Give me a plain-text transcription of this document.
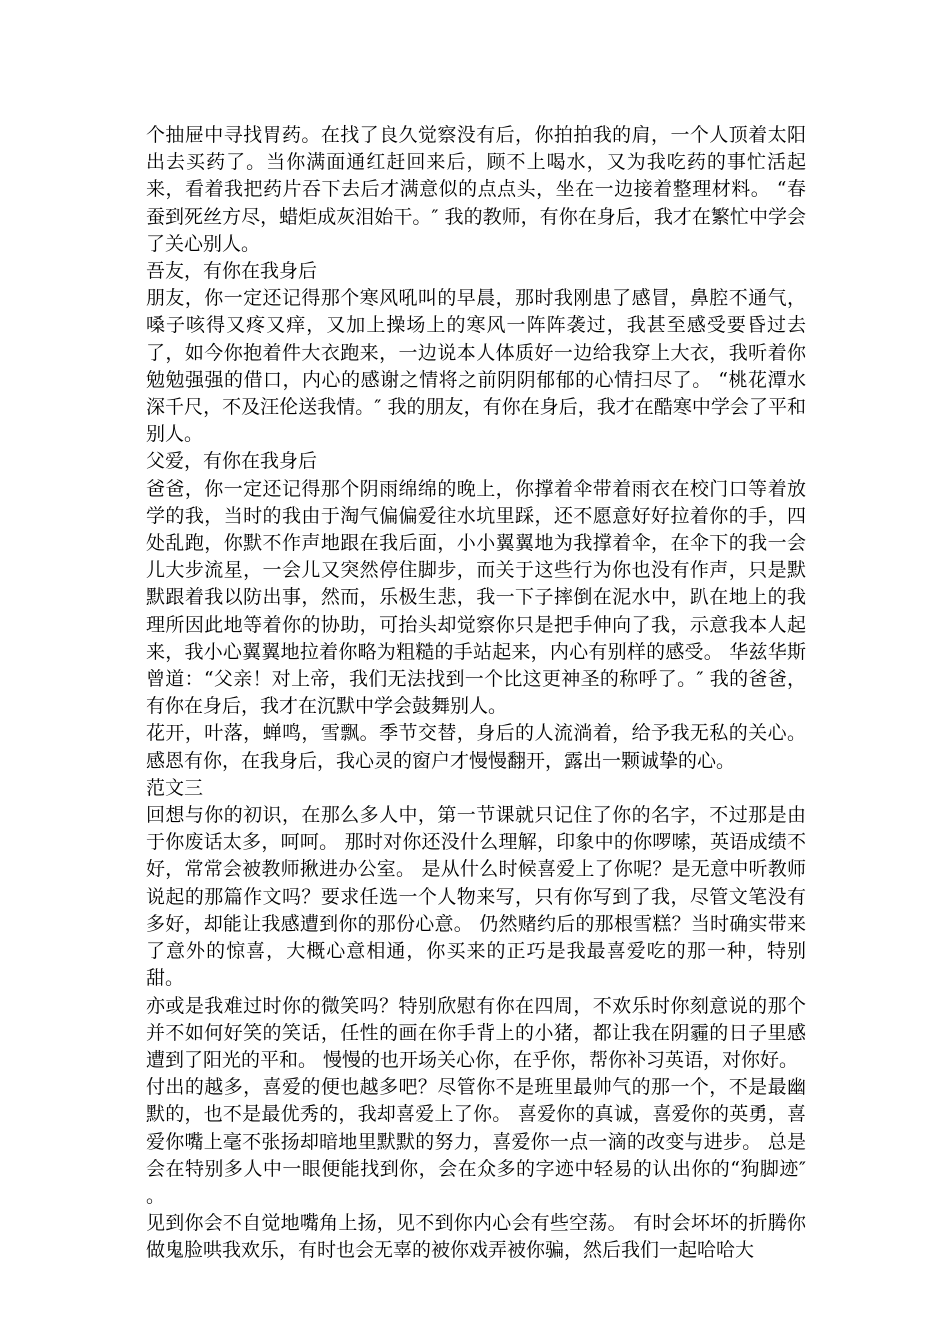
个抽屉中寻找胃药。在找了良久觉察没有后，你拍拍我的肩，一个人顶着太阳出去买药了。当你满面通红赶回来后，顾不上喝水，又为我吃药的事忙活起来，看着我把药片吞下去后才满意似的点点头，坐在一边接着整理材料。 “春蚕到死丝方尽，蜡炬成灰泪始干。″ 我的教师，有你在身后，我才在繁忙中学会了关心别人。

吾友，有你在我身后

朋友，你一定还记得那个寒风吼叫的早晨，那时我刚患了感冒，鼻腔不通气，嗓子咳得又疼又痒，又加上操场上的寒风一阵阵袭过，我甚至感受要昏过去了，如今你抱着件大衣跑来，一边说本人体质好一边给我穿上大衣，我听着你勉勉强强的借口，内心的感谢之情将之前阴阴郁郁的心情扫尽了。 “桃花潭水深千尺，不及汪伦送我情。″ 我的朋友，有你在身后，我才在酷寒中学会了平和别人。

父爱，有你在我身后

爸爸，你一定还记得那个阴雨绵绵的晚上，你撑着伞带着雨衣在校门口等着放学的我，当时的我由于淘气偏偏爱往水坑里踩，还不愿意好好拉着你的手，四处乱跑，你默不作声地跟在我后面，小小翼翼地为我撑着伞，在伞下的我一会儿大步流星，一会儿又突然停住脚步，而关于这些行为你也没有作声，只是默默跟着我以防出事，然而，乐极生悲，我一下子摔倒在泥水中，趴在地上的我理所因此地等着你的协助，可抬头却觉察你只是把手伸向了我，示意我本人起来，我小心翼翼地拉着你略为粗糙的手站起来，内心有别样的感受。 华兹华斯曾道：“父亲！对上帝，我们无法找到一个比这更神圣的称呼了。″ 我的爸爸，有你在身后，我才在沉默中学会鼓舞别人。

花开，叶落，蝉鸣，雪飘。季节交替，身后的人流淌着，给予我无私的关心。感恩有你，在我身后，我心灵的窗户才慢慢翻开，露出一颗诚挚的心。

范文三

回想与你的初识，在那么多人中，第一节课就只记住了你的名字，不过那是由于你废话太多，呵呵。 那时对你还没什么理解，印象中的你啰嗦，英语成绩不好，常常会被教师揪进办公室。 是从什么时候喜爱上了你呢？是无意中听教师说起的那篇作文吗？要求任选一个人物来写，只有你写到了我，尽管文笔没有多好，却能让我感遭到你的那份心意。 仍然赌约后的那根雪糕？当时确实带来了意外的惊喜，大概心意相通，你买来的正巧是我最喜爱吃的那一种，特别甜。

亦或是我难过时你的微笑吗？特别欣慰有你在四周，不欢乐时你刻意说的那个并不如何好笑的笑话，任性的画在你手背上的小猪，都让我在阴霾的日子里感遭到了阳光的平和。 慢慢的也开场关心你，在乎你，帮你补习英语，对你好。

付出的越多，喜爱的便也越多吧？尽管你不是班里最帅气的那一个，不是最幽默的，也不是最优秀的，我却喜爱上了你。 喜爱你的真诚，喜爱你的英勇，喜爱你嘴上毫不张扬却暗地里默默的努力，喜爱你一点一滴的改变与进步。 总是会在特别多人中一眼便能找到你，会在众多的字迹中轻易的认出你的“狗脚迹″ 。

见到你会不自觉地嘴角上扬，见不到你内心会有些空荡。 有时会坏坏的折腾你做鬼脸哄我欢乐，有时也会无辜的被你戏弄被你骗，然后我们一起哈哈大
